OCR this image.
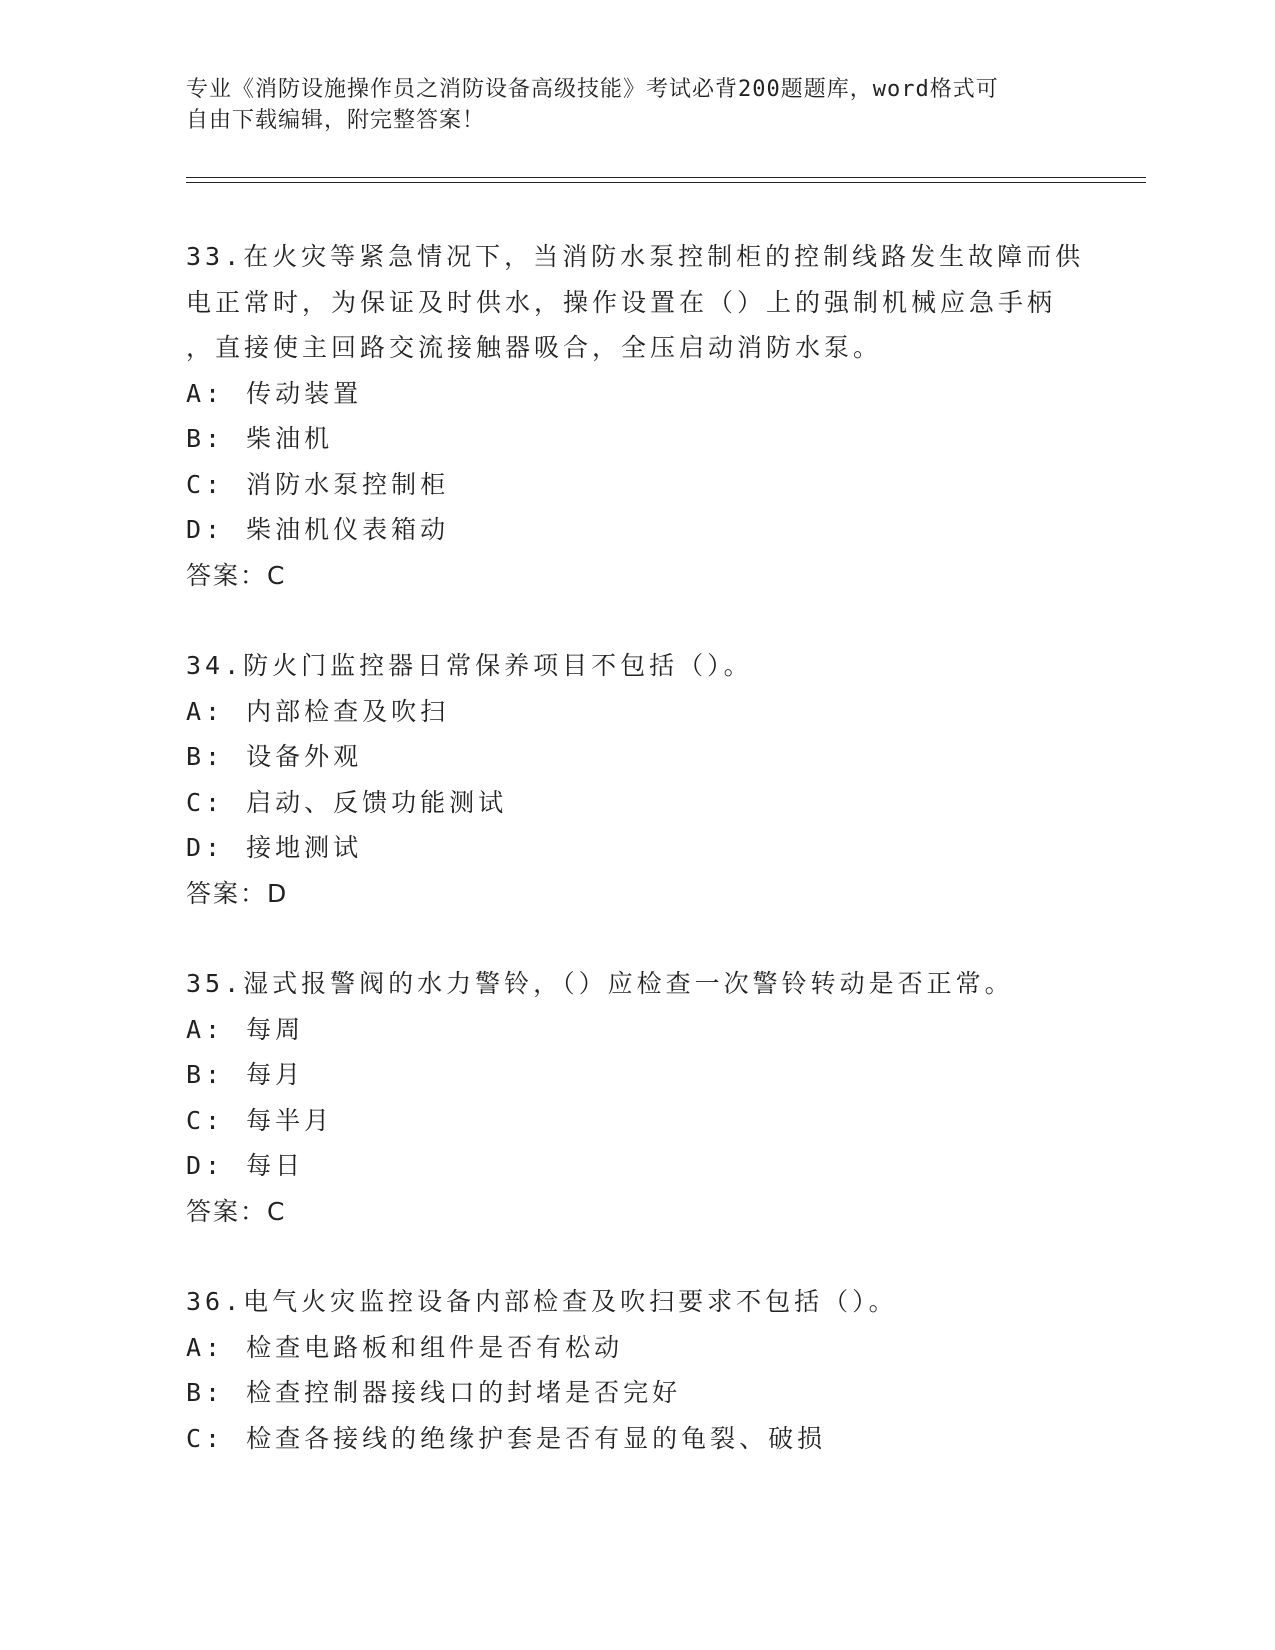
专业《消防设施操作员之消防设备高级技能》考试必背200题题库，word格式可
自由下载编辑，附完整答案！
33.在火灾等紧急情况下，当消防水泵控制柜的控制线路发生故障而供
电正常时，为保证及时供水，操作设置在（）上的强制机械应急手柄
，直接使主回路交流接触器吸合，全压启动消防水泵。
A: 传动装置
B: 柴油机
C: 消防水泵控制柜
D: 柴油机仪表箱动
答案：C
34.防火门监控器日常保养项目不包括（）。
A: 内部检查及吹扫
B: 设备外观
C: 启动、反馈功能测试
D: 接地测试
答案：D
35.湿式报警阀的水力警铃，（）应检查一次警铃转动是否正常。
A: 每周
B: 每月
C: 每半月
D: 每日
答案：C
36.电气火灾监控设备内部检查及吹扫要求不包括（）。
A: 检查电路板和组件是否有松动
B: 检查控制器接线口的封堵是否完好
C: 检查各接线的绝缘护套是否有显的龟裂、破损
